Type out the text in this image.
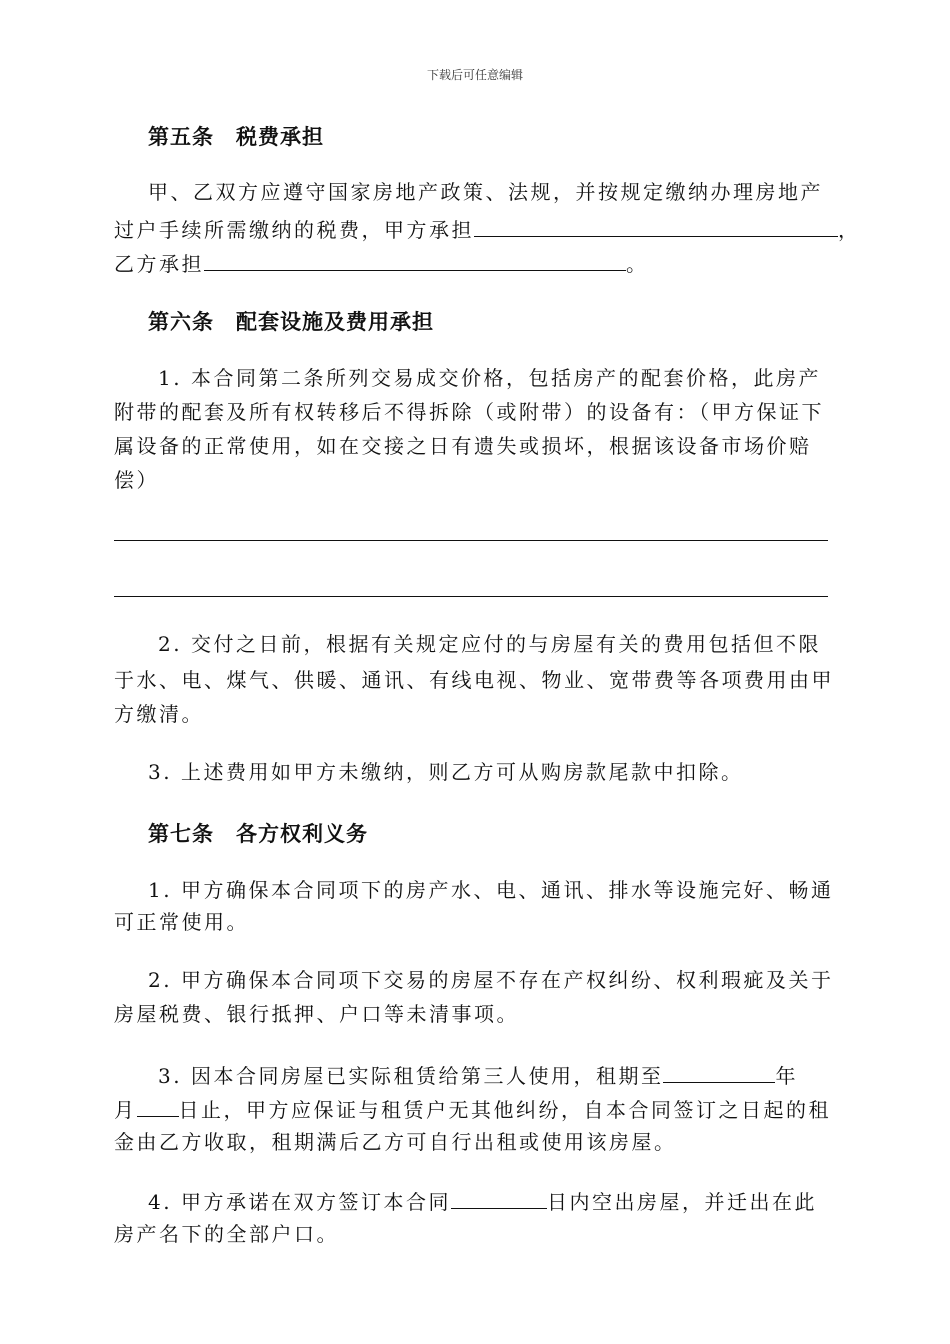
下载后可任意编辑
第五条　税费承担
甲、乙双方应遵守国家房地产政策、法规，并按规定缴纳办理房地产
过户手续所需缴纳的税费，甲方承担	，
乙方承担	。
第六条　配套设施及费用承担
1. 本合同第二条所列交易成交价格，包括房产的配套价格，此房产
附带的配套及所有权转移后不得拆除（或附带）的设备有：（甲方保证下
属设备的正常使用，如在交接之日有遗失或损坏，根据该设备市场价赔
偿）
2. 交付之日前，根据有关规定应付的与房屋有关的费用包括但不限
于水、电、煤气、供暖、通讯、有线电视、物业、宽带费等各项费用由甲
方缴清。
3. 上述费用如甲方未缴纳，则乙方可从购房款尾款中扣除。
第七条　各方权利义务
1. 甲方确保本合同项下的房产水、电、通讯、排水等设施完好、畅通
可正常使用。
2. 甲方确保本合同项下交易的房屋不存在产权纠纷、权利瑕疵及关于
房屋税费、银行抵押、户口等未清事项。
3. 因本合同房屋已实际租赁给第三人使用，租期至	年
月 日止，甲方应保证与租赁户无其他纠纷，自本合同签订之日起的租
金由乙方收取，租期满后乙方可自行出租或使用该房屋。
4. 甲方承诺在双方签订本合同	日内空出房屋，并迁出在此
房产名下的全部户口。
